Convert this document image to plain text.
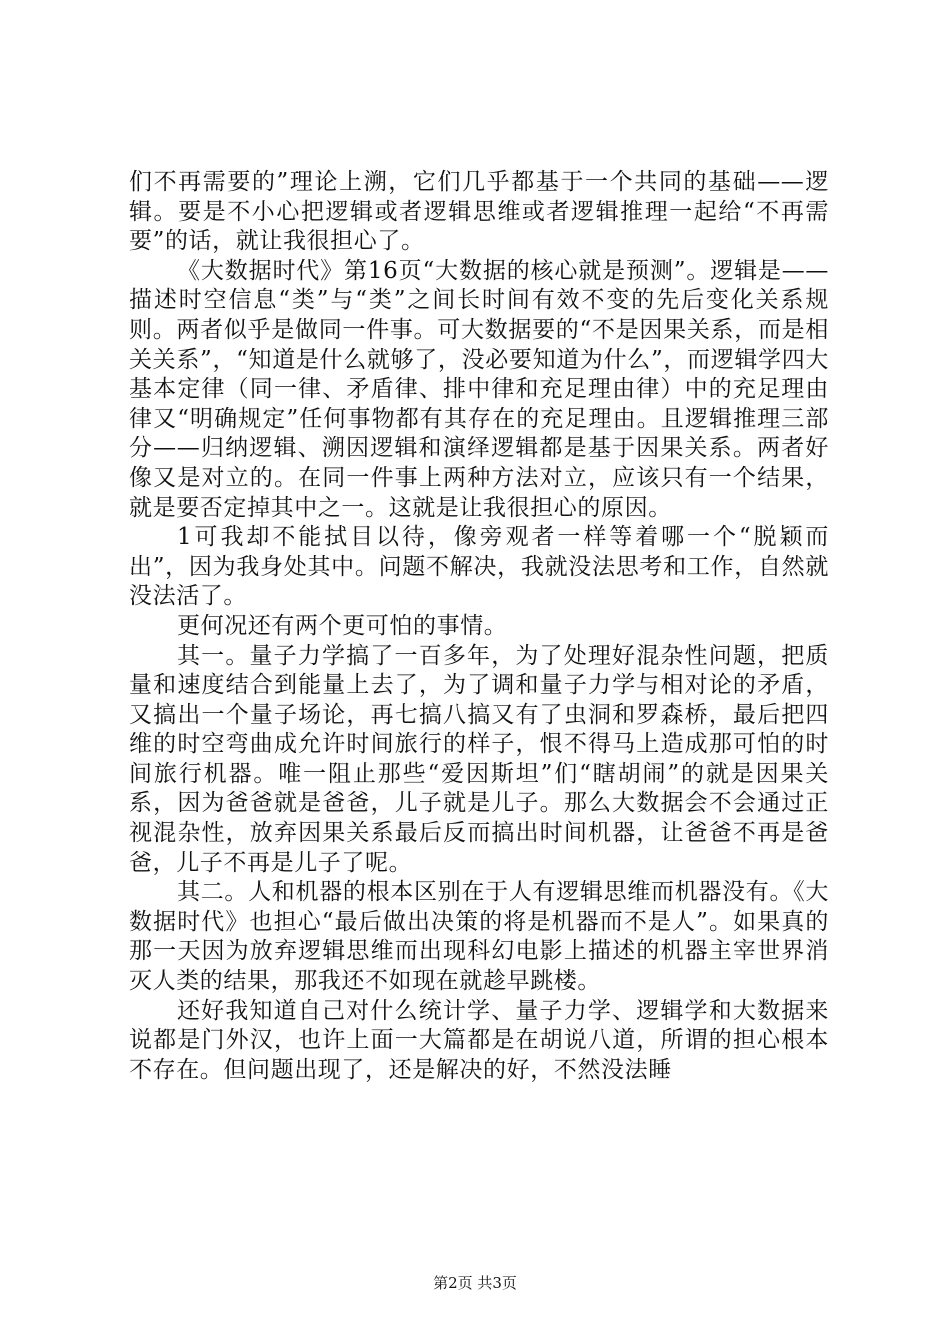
们不再需要的”理论上溯，它们几乎都基于一个共同的基础——逻辑。要是不小心把逻辑或者逻辑思维或者逻辑推理一起给“不再需要”的话，就让我很担心了。

《大数据时代》第16页“大数据的核心就是预测”。逻辑是——描述时空信息“类”与“类”之间长时间有效不变的先后变化关系规则。两者似乎是做同一件事。可大数据要的“不是因果关系，而是相关关系”，“知道是什么就够了，没必要知道为什么”，而逻辑学四大基本定律（同一律、矛盾律、排中律和充足理由律）中的充足理由律又“明确规定”任何事物都有其存在的充足理由。且逻辑推理三部分——归纳逻辑、溯因逻辑和演绎逻辑都是基于因果关系。两者好像又是对立的。在同一件事上两种方法对立，应该只有一个结果，就是要否定掉其中之一。这就是让我很担心的原因。

1可我却不能拭目以待，像旁观者一样等着哪一个“脱颖而出”，因为我身处其中。问题不解决，我就没法思考和工作，自然就没法活了。

更何况还有两个更可怕的事情。

其一。量子力学搞了一百多年，为了处理好混杂性问题，把质量和速度结合到能量上去了，为了调和量子力学与相对论的矛盾，又搞出一个量子场论，再七搞八搞又有了虫洞和罗森桥，最后把四维的时空弯曲成允许时间旅行的样子，恨不得马上造成那可怕的时间旅行机器。唯一阻止那些“爱因斯坦”们“瞎胡闹”的就是因果关系，因为爸爸就是爸爸，儿子就是儿子。那么大数据会不会通过正视混杂性，放弃因果关系最后反而搞出时间机器，让爸爸不再是爸爸，儿子不再是儿子了呢。

其二。人和机器的根本区别在于人有逻辑思维而机器没有。《大数据时代》也担心“最后做出决策的将是机器而不是人”。如果真的那一天因为放弃逻辑思维而出现科幻电影上描述的机器主宰世界消灭人类的结果，那我还不如现在就趁早跳楼。

还好我知道自己对什么统计学、量子力学、逻辑学和大数据来说都是门外汉，也许上面一大篇都是在胡说八道，所谓的担心根本不存在。但问题出现了，还是解决的好，不然没法睡

第2页 共3页
